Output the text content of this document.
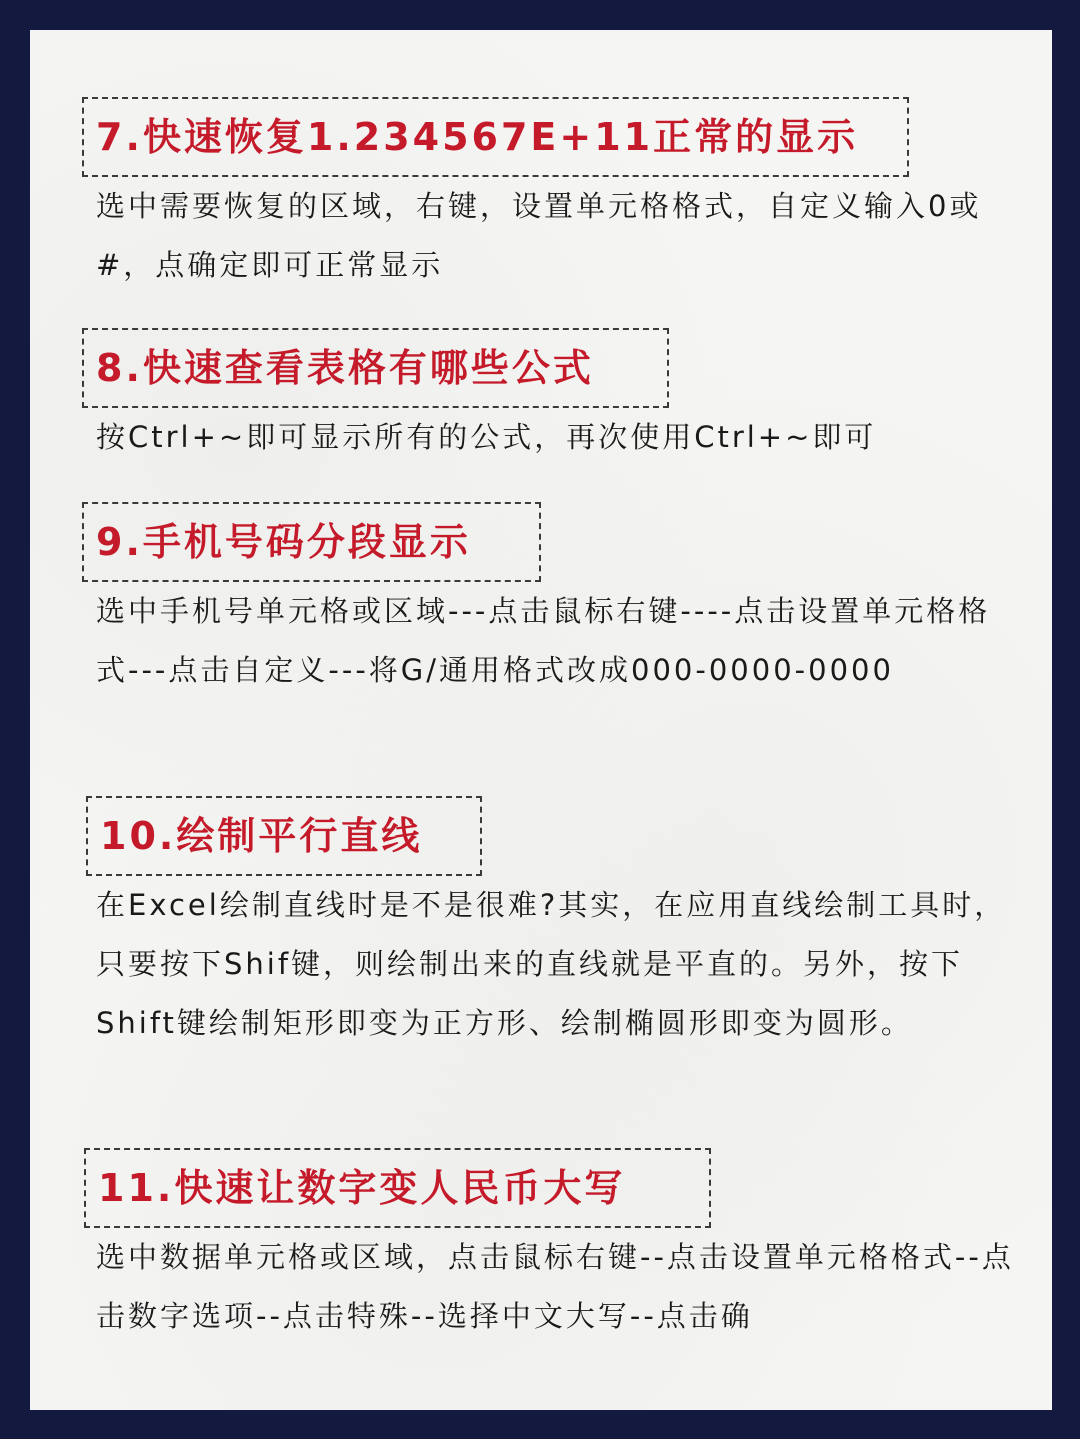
7.快速恢复1.234567E+11正常的显示

选中需要恢复的区域，右键，设置单元格格式，自定义输入0或#，点确定即可正常显示

8.快速查看表格有哪些公式

按Ctrl+~即可显示所有的公式，再次使用Ctrl+~即可

9.手机号码分段显示

选中手机号单元格或区域---点击鼠标右键----点击设置单元格格式---点击自定义---将G/通用格式改成000-0000-0000

10.绘制平行直线

在Excel绘制直线时是不是很难?其实，在应用直线绘制工具时，只要按下Shif键，则绘制出来的直线就是平直的。另外，按下Shift键绘制矩形即变为正方形、绘制椭圆形即变为圆形。

11.快速让数字变人民币大写

选中数据单元格或区域，点击鼠标右键--点击设置单元格格式--点击数字选项--点击特殊--选择中文大写--点击确
